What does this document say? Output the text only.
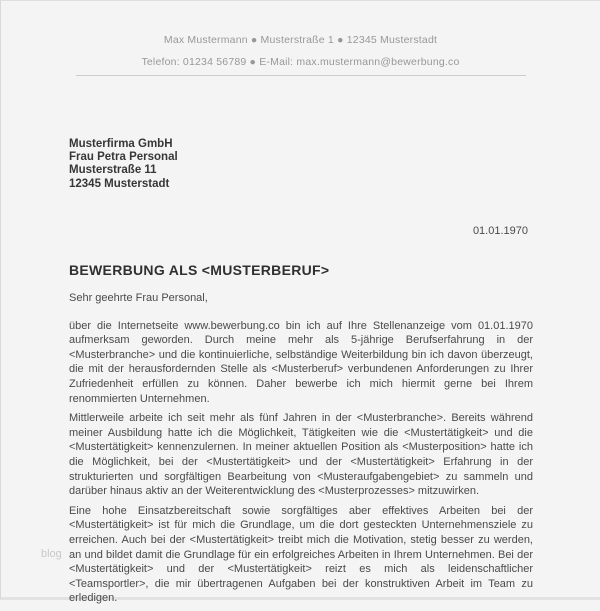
Max Mustermann ● Musterstraße 1 ● 12345 Musterstadt
Telefon: 01234 56789 ● E-Mail: max.mustermann@bewerbung.co
Musterfirma GmbH
Frau Petra Personal
Musterstraße 11
12345 Musterstadt
01.01.1970
BEWERBUNG ALS <MUSTERBERUF>
Sehr geehrte Frau Personal,

über die Internetseite www.bewerbung.co bin ich auf Ihre Stellenanzeige vom 01.01.1970 aufmerksam geworden. Durch meine mehr als 5-jährige Berufserfahrung in der <Musterbranche> und die kontinuierliche, selbständige Weiterbildung bin ich davon überzeugt, die mit der herausfordernden Stelle als <Musterberuf> verbundenen Anforderungen zu Ihrer Zufriedenheit erfüllen zu können. Daher bewerbe ich mich hiermit gerne bei Ihrem renommierten Unternehmen.

Mittlerweile arbeite ich seit mehr als fünf Jahren in der <Musterbranche>. Bereits während meiner Ausbildung hatte ich die Möglichkeit, Tätigkeiten wie die <Mustertätigkeit> und die <Mustertätigkeit> kennenzulernen. In meiner aktuellen Position als <Musterposition> hatte ich die Möglichkeit, bei der <Mustertätigkeit> und der <Mustertätigkeit> Erfahrung in der strukturierten und sorgfältigen Bearbeitung von <Musteraufgabengebiet> zu sammeln und darüber hinaus aktiv an der Weiterentwicklung des <Musterprozesses> mitzuwirken.

Eine hohe Einsatzbereitschaft sowie sorgfältiges aber effektives Arbeiten bei der <Mustertätigkeit> ist für mich die Grundlage, um die dort gesteckten Unternehmensziele zu erreichen. Auch bei der <Mustertätigkeit> treibt mich die Motivation, stetig besser zu werden, an und bildet damit die Grundlage für ein erfolgreiches Arbeiten in Ihrem Unternehmen. Bei der <Mustertätigkeit> und der <Mustertätigkeit> reizt es mich als leidenschaftlicher <Teamsportler>, die mir übertragenen Aufgaben bei der konstruktiven Arbeit im Team zu erledigen.

blog
